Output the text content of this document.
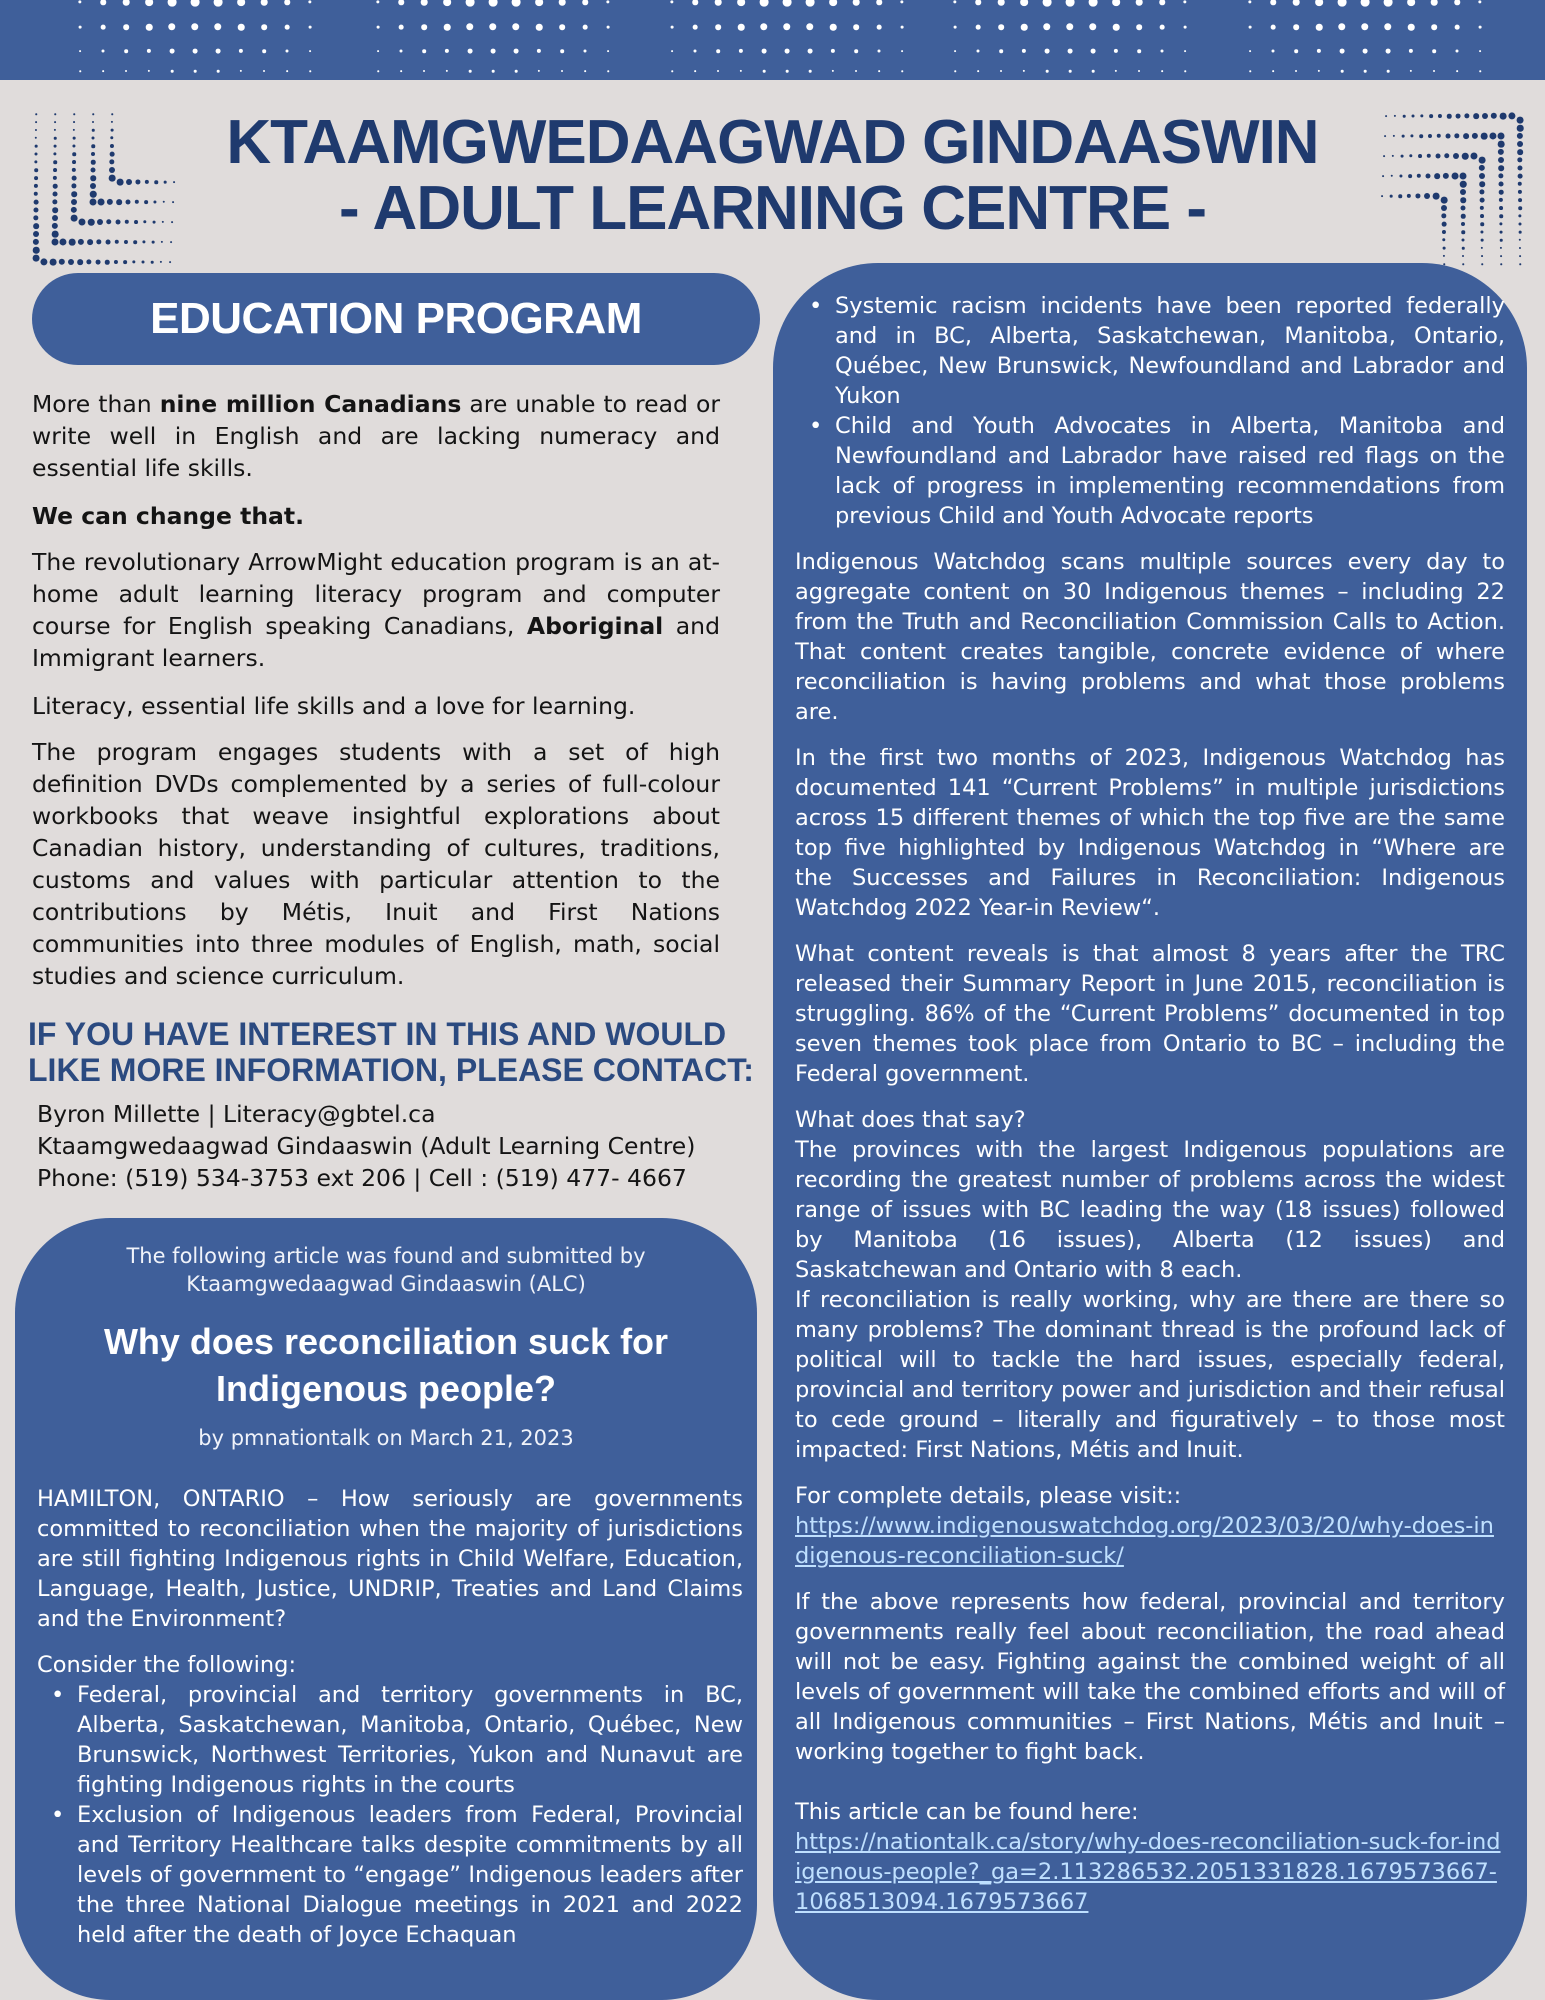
KTAAMGWEDAAGWAD GINDAASWIN
- ADULT LEARNING CENTRE -
EDUCATION PROGRAM

More than nine million Canadians are unable to read or write well in English and are lacking numeracy and essential life skills.

We can change that.

The revolutionary ArrowMight education program is an at-home adult learning literacy program and computer course for English speaking Canadians, Aboriginal and Immigrant learners.

Literacy, essential life skills and a love for learning.

The program engages students with a set of high definition DVDs complemented by a series of full-colour workbooks that weave insightful explorations about Canadian history, understanding of cultures, traditions, customs and values with particular attention to the contributions by Métis, Inuit and First Nations communities into three modules of English, math, social studies and science curriculum.

IF YOU HAVE INTEREST IN THIS AND WOULD LIKE MORE INFORMATION, PLEASE CONTACT:
Byron Millette | Literacy@gbtel.ca
Ktaamgwedaagwad Gindaaswin (Adult Learning Centre)
Phone: (519) 534-3753 ext 206 | Cell : (519) 477- 4667
The following article was found and submitted by
Ktaamgwedaagwad Gindaaswin (ALC)
Why does reconciliation suck for
Indigenous people?
by pmnationtalk on March 21, 2023

HAMILTON, ONTARIO – How seriously are governments committed to reconciliation when the majority of jurisdictions are still fighting Indigenous rights in Child Welfare, Education, Language, Health, Justice, UNDRIP, Treaties and Land Claims and the Environment?

Consider the following:
• Federal, provincial and territory governments in BC, Alberta, Saskatchewan, Manitoba, Ontario, Québec, New Brunswick, Northwest Territories, Yukon and Nunavut are fighting Indigenous rights in the courts
• Exclusion of Indigenous leaders from Federal, Provincial and Territory Healthcare talks despite commitments by all levels of government to “engage” Indigenous leaders after the three National Dialogue meetings in 2021 and 2022 held after the death of Joyce Echaquan
• Systemic racism incidents have been reported federally and in BC, Alberta, Saskatchewan, Manitoba, Ontario, Québec, New Brunswick, Newfoundland and Labrador and Yukon
• Child and Youth Advocates in Alberta, Manitoba and Newfoundland and Labrador have raised red flags on the lack of progress in implementing recommendations from previous Child and Youth Advocate reports

Indigenous Watchdog scans multiple sources every day to aggregate content on 30 Indigenous themes – including 22 from the Truth and Reconciliation Commission Calls to Action. That content creates tangible, concrete evidence of where reconciliation is having problems and what those problems are.

In the first two months of 2023, Indigenous Watchdog has documented 141 “Current Problems” in multiple jurisdictions across 15 different themes of which the top five are the same top five highlighted by Indigenous Watchdog in “Where are the Successes and Failures in Reconciliation: Indigenous Watchdog 2022 Year-in Review“.

What content reveals is that almost 8 years after the TRC released their Summary Report in June 2015, reconciliation is struggling. 86% of the “Current Problems” documented in top seven themes took place from Ontario to BC – including the Federal government.

What does that say?

The provinces with the largest Indigenous populations are recording the greatest number of problems across the widest range of issues with BC leading the way (18 issues) followed by Manitoba (16 issues), Alberta (12 issues) and Saskatchewan and Ontario with 8 each.

If reconciliation is really working, why are there are there so many problems? The dominant thread is the profound lack of political will to tackle the hard issues, especially federal, provincial and territory power and jurisdiction and their refusal to cede ground – literally and figuratively – to those most impacted: First Nations, Métis and Inuit.

For complete details, please visit::
https://www.indigenouswatchdog.org/2023/03/20/why-does-indigenous-reconciliation-suck/

If the above represents how federal, provincial and territory governments really feel about reconciliation, the road ahead will not be easy. Fighting against the combined weight of all levels of government will take the combined efforts and will of all Indigenous communities – First Nations, Métis and Inuit – working together to fight back.

This article can be found here:
https://nationtalk.ca/story/why-does-reconciliation-suck-for-indigenous-people?_ga=2.113286532.2051331828.1679573667-1068513094.1679573667
